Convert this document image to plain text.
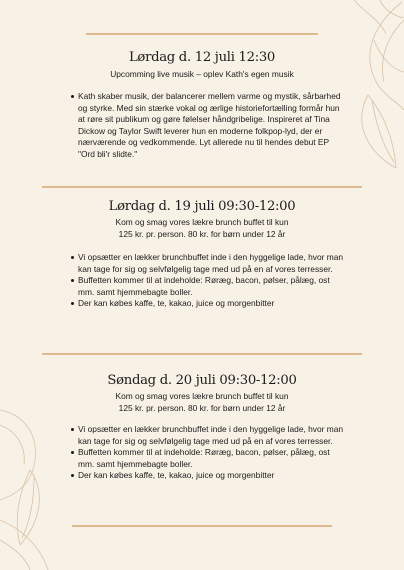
Lørdag d. 12 juli 12:30

Upcomming live musik – oplev Kath's egen musik

Kath skaber musik, der balancerer mellem varme og mystik, sårbarhed og styrke. Med sin stærke vokal og ærlige historiefortælling formår hun at røre sit publikum og gøre følelser håndgribelige. Inspireret af Tina Dickow og Taylor Swift leverer hun en moderne folkpop-lyd, der er nærværende og vedkommende. Lyt allerede nu til hendes debut EP "Ord bli'r slidte."
Lørdag d. 19 juli 09:30-12:00

Kom og smag vores lækre brunch buffet til kun

125 kr. pr. person. 80 kr. for børn under 12 år

Vi opsætter en lækker brunchbuffet inde i den hyggelige lade, hvor man kan tage for sig og selvfølgelig tage med ud på en af vores terresser.
Buffetten kommer til at indeholde: Røræg, bacon, pølser, pålæg, ost mm. samt hjemmebagte boller.
Der kan købes kaffe, te, kakao, juice og morgenbitter
Søndag d. 20 juli 09:30-12:00

Kom og smag vores lækre brunch buffet til kun

125 kr. pr. person. 80 kr. for børn under 12 år

Vi opsætter en lækker brunchbuffet inde i den hyggelige lade, hvor man kan tage for sig og selvfølgelig tage med ud på en af vores terresser.
Buffetten kommer til at indeholde: Røræg, bacon, pølser, pålæg, ost mm. samt hjemmebagte boller.
Der kan købes kaffe, te, kakao, juice og morgenbitter
